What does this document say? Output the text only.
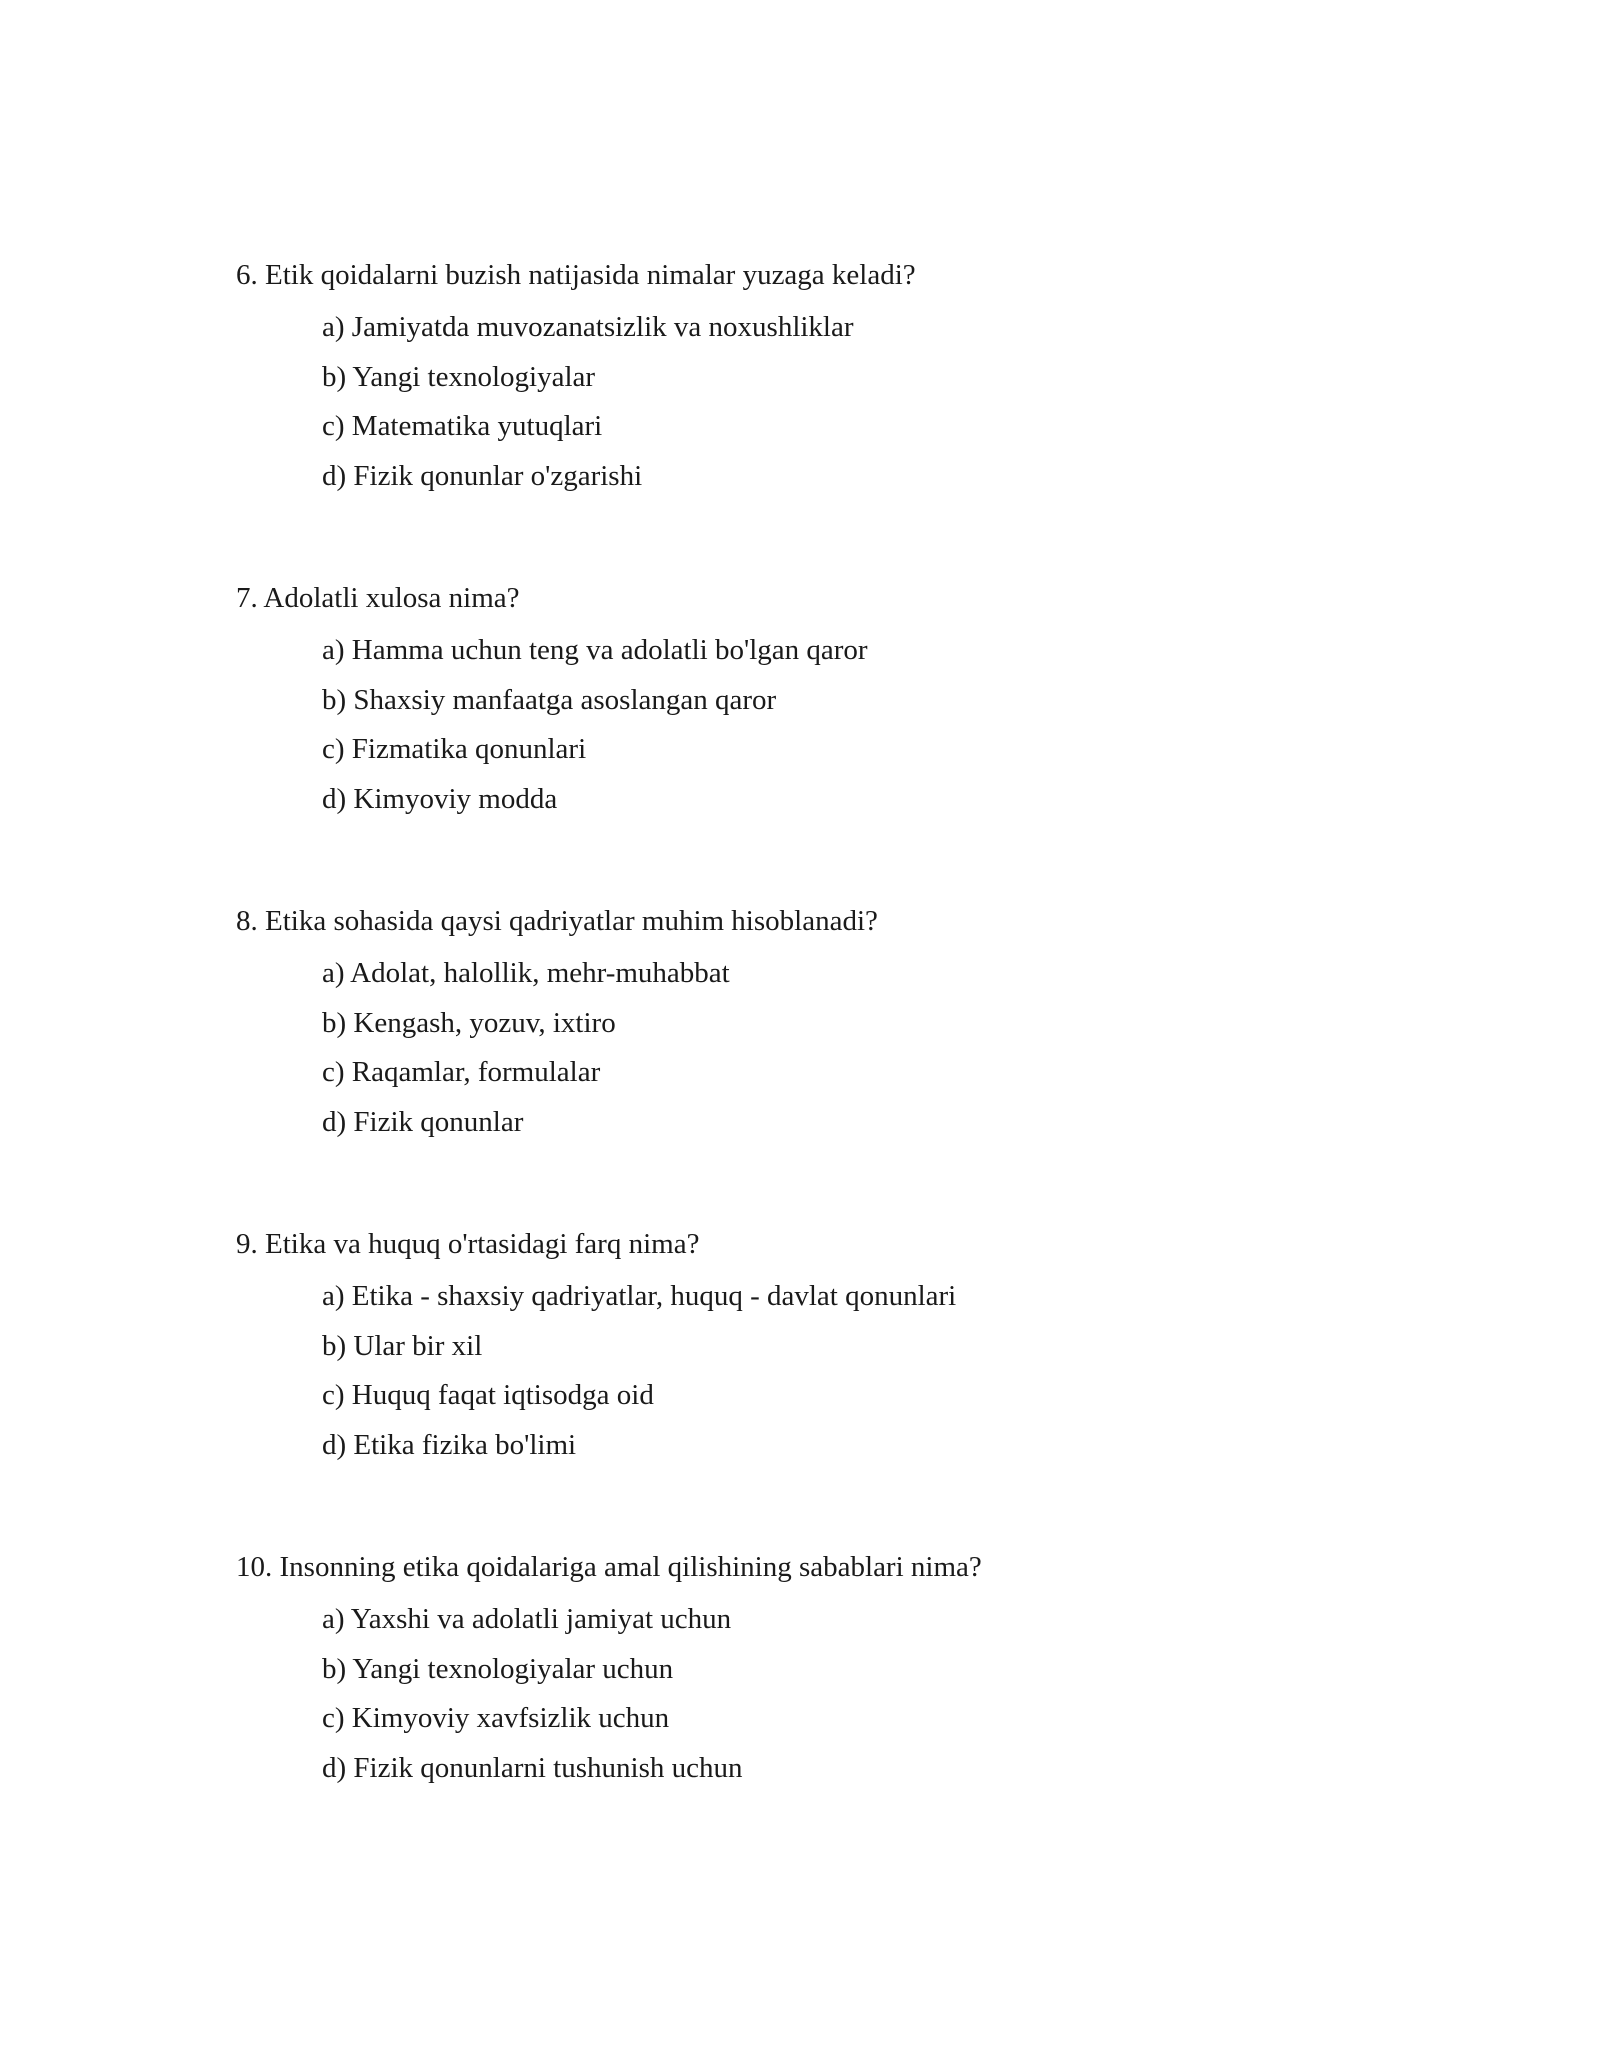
6. Etik qoidalarni buzish natijasida nimalar yuzaga keladi?

a) Jamiyatda muvozanatsizlik va noxushliklar
b) Yangi texnologiyalar
c) Matematika yutuqlari
d) Fizik qonunlar o'zgarishi

7. Adolatli xulosa nima?

a) Hamma uchun teng va adolatli bo'lgan qaror
b) Shaxsiy manfaatga asoslangan qaror
c) Fizmatika qonunlari
d) Kimyoviy modda

8. Etika sohasida qaysi qadriyatlar muhim hisoblanadi?

a) Adolat, halollik, mehr-muhabbat
b) Kengash, yozuv, ixtiro
c) Raqamlar, formulalar
d) Fizik qonunlar

9. Etika va huquq o'rtasidagi farq nima?

a) Etika - shaxsiy qadriyatlar, huquq - davlat qonunlari
b) Ular bir xil
c) Huquq faqat iqtisodga oid
d) Etika fizika bo'limi

10. Insonning etika qoidalariga amal qilishining sabablari nima?

a) Yaxshi va adolatli jamiyat uchun
b) Yangi texnologiyalar uchun
c) Kimyoviy xavfsizlik uchun
d) Fizik qonunlarni tushunish uchun
